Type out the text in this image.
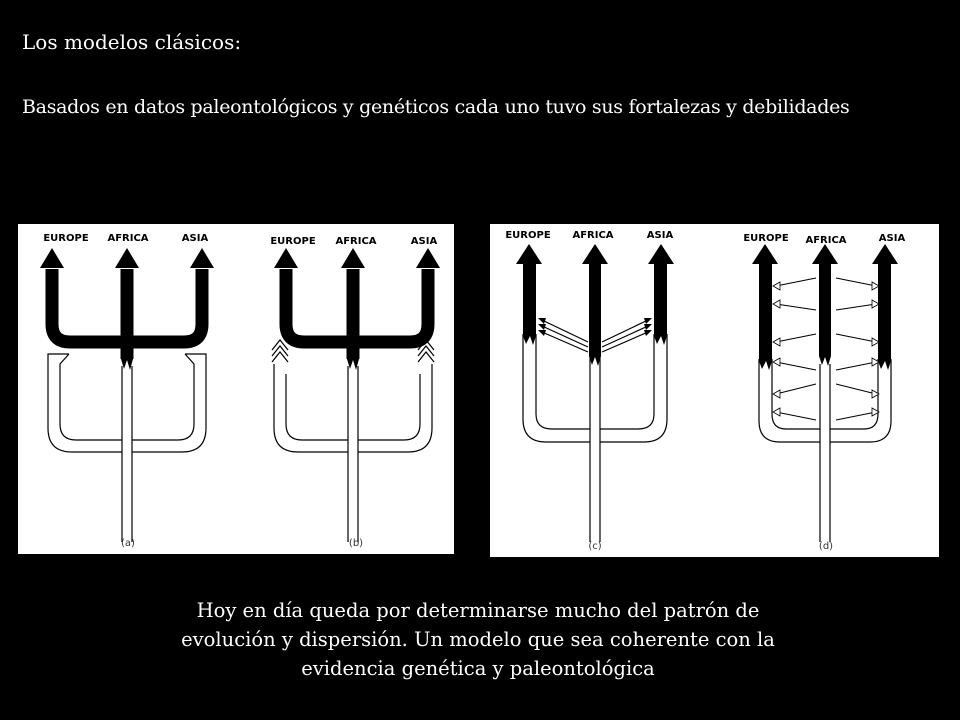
Los modelos clásicos:
Basados en datos paleontológicos y genéticos cada uno tuvo sus fortalezas y debilidades
EUROPE AFRICA	ASIA
(a)
EUROPE AFRICA	ASIA
(b)
EUROPE AFRICA	ASIA
(c)
EUROPE AFRICA	ASIA
(d)
Hoy en día queda por determinarse mucho del patrón de
evolución y dispersión. Un modelo que sea coherente con la
evidencia genética y paleontológica
